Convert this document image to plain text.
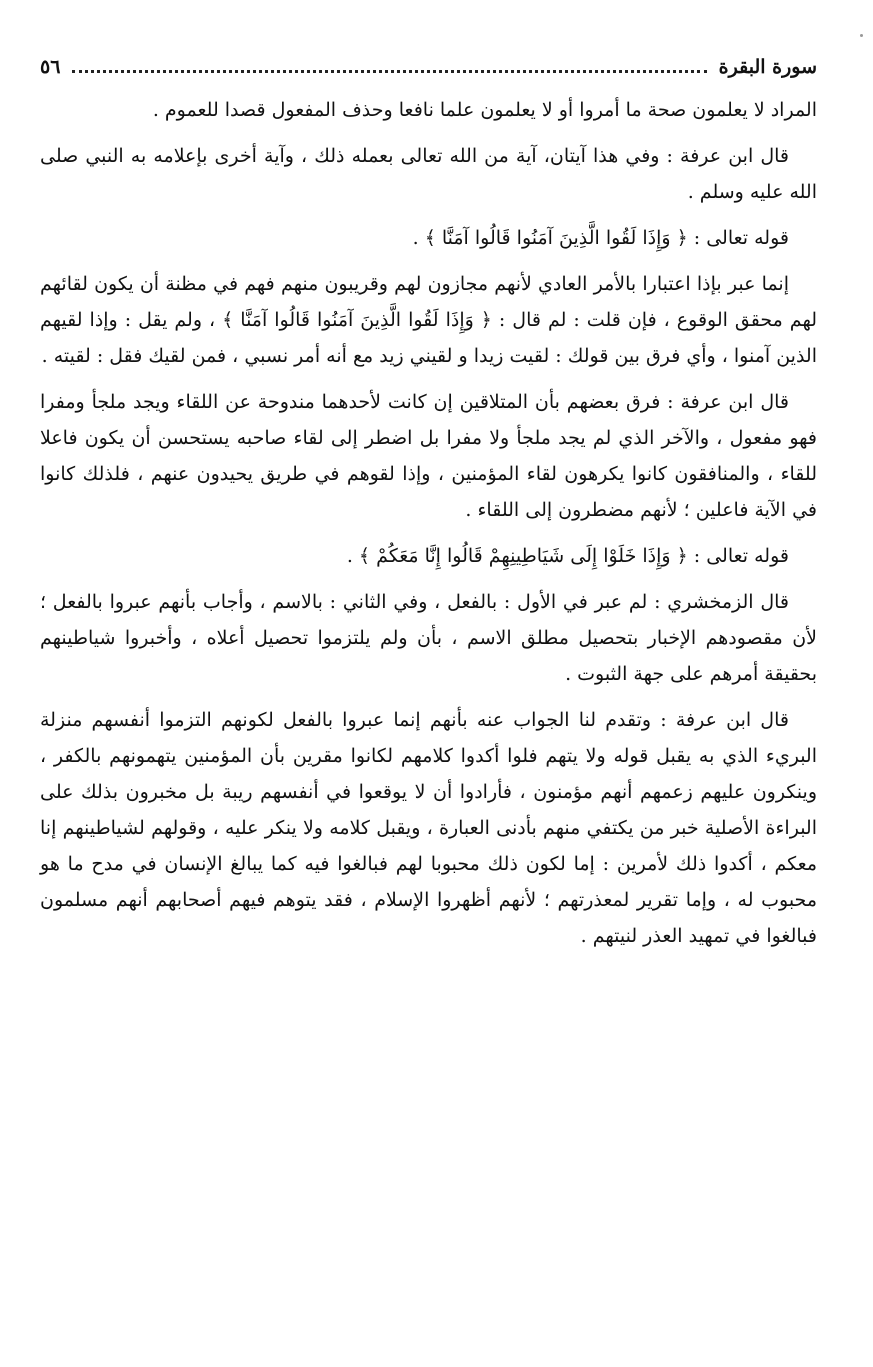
سورة البقرة
٥٦

المراد لا يعلمون صحة ما أمروا أو لا يعلمون علما نافعا وحذف المفعول قصدا للعموم .

قال ابن عرفة : وفي هذا آيتان، آية من الله تعالى بعمله ذلك ، وآية أخرى بإعلامه به النبي صلى الله عليه وسلم .

قوله تعالى : ﴿ وَإِذَا لَقُوا الَّذِينَ آمَنُوا قَالُوا آمَنَّا ﴾ .

إنما عبر بإذا اعتبارا بالأمر العادي لأنهم مجازون لهم وقريبون منهم فهم في مظنة أن يكون لقائهم لهم محقق الوقوع ، فإن قلت : لم قال : ﴿ وَإِذَا لَقُوا الَّذِينَ آمَنُوا قَالُوا آمَنَّا ﴾ ، ولم يقل : وإذا لقيهم الذين آمنوا ، وأي فرق بين قولك : لقيت زيدا و لقيني زيد مع أنه أمر نسبي ، فمن لقيك فقل : لقيته .

قال ابن عرفة : فرق بعضهم بأن المتلاقين إن كانت لأحدهما مندوحة عن اللقاء ويجد ملجأ ومفرا فهو مفعول ، والآخر الذي لم يجد ملجأ ولا مفرا بل اضطر إلى لقاء صاحبه يستحسن أن يكون فاعلا للقاء ، والمنافقون كانوا يكرهون لقاء المؤمنين ، وإذا لقوهم في طريق يحيدون عنهم ، فلذلك كانوا في الآية فاعلين ؛ لأنهم مضطرون إلى اللقاء .

قوله تعالى : ﴿ وَإِذَا خَلَوْا إِلَى شَيَاطِينِهِمْ قَالُوا إِنَّا مَعَكُمْ ﴾ .

قال الزمخشري : لم عبر في الأول : بالفعل ، وفي الثاني : بالاسم ، وأجاب بأنهم عبروا بالفعل ؛ لأن مقصودهم الإخبار بتحصيل مطلق الاسم ، بأن ولم يلتزموا تحصيل أعلاه ، وأخبروا شياطينهم بحقيقة أمرهم على جهة الثبوت .

قال ابن عرفة : وتقدم لنا الجواب عنه بأنهم إنما عبروا بالفعل لكونهم التزموا أنفسهم منزلة البريء الذي به يقبل قوله ولا يتهم فلوا أكدوا كلامهم لكانوا مقرين بأن المؤمنين يتهمونهم بالكفر ، وينكرون عليهم زعمهم أنهم مؤمنون ، فأرادوا أن لا يوقعوا في أنفسهم ريبة بل مخبرون بذلك على البراءة الأصلية خبر من يكتفي منهم بأدنى العبارة ، ويقبل كلامه ولا ينكر عليه ، وقولهم لشياطينهم إنا معكم ، أكدوا ذلك لأمرين : إما لكون ذلك محبوبا لهم فبالغوا فيه كما يبالغ الإنسان في مدح ما هو محبوب له ، وإما تقرير لمعذرتهم ؛ لأنهم أظهروا الإسلام ، فقد يتوهم فيهم أصحابهم أنهم مسلمون فبالغوا في تمهيد العذر لنيتهم .
